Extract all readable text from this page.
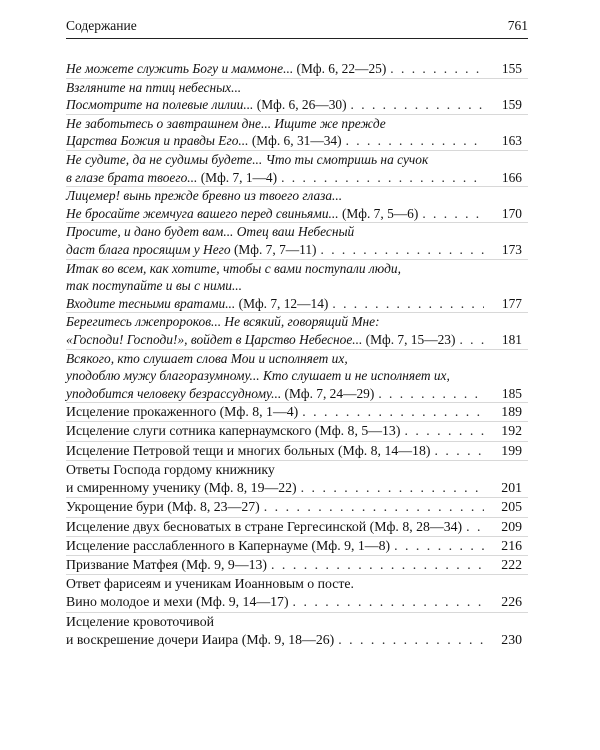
Содержание	761
Не можете служить Богу и маммоне... (Мф. 6, 22—25) . . .	155
Взгляните на птиц небесных...
Посмотрите на полевые лилии... (Мф. 6, 26—30) . . .	159
Не заботьтесь о завтрашнем дне... Ищите же прежде
Царства Божия и правды Его... (Мф. 6, 31—34) . . .	163
Не судите, да не судимы будете... Что ты смотришь на сучок
в глазе брата твоего... (Мф. 7, 1—4) . . .	166
Лицемер! вынь прежде бревно из твоего глаза...
Не бросайте жемчуга вашего перед свиньями... (Мф. 7, 5—6) . . .	170
Просите, и дано будет вам... Отец ваш Небесный
даст блага просящим у Него (Мф. 7, 7—11) . . .	173
Итак во всем, как хотите, чтобы с вами поступали люди,
так поступайте и вы с ними...
Входите тесными вратами... (Мф. 7, 12—14) . . .	177
Берегитесь лжепророков... Не всякий, говорящий Мне:
«Господи! Господи!», войдет в Царство Небесное... (Мф. 7, 15—23) . . .	181
Всякого, кто слушает слова Мои и исполняет их,
уподоблю мужу благоразумному... Кто слушает и не исполняет их,
уподобится человеку безрассудному... (Мф. 7, 24—29) . . .	185
Исцеление прокаженного (Мф. 8, 1—4) . . .	189
Исцеление слуги сотника капернаумского (Мф. 8, 5—13) . . .	192
Исцеление Петровой тещи и многих больных (Мф. 8, 14—18) . . .	199
Ответы Господа гордому книжнику
и смиренному ученику (Мф. 8, 19—22) . . .	201
Укрощение бури (Мф. 8, 23—27) . . .	205
Исцеление двух бесноватых в стране Гергесинской (Мф. 8, 28—34) . . .	209
Исцеление расслабленного в Капернауме (Мф. 9, 1—8) . . .	216
Призвание Матфея (Мф. 9, 9—13) . . .	222
Ответ фарисеям и ученикам Иоанновым о посте.
Вино молодое и мехи (Мф. 9, 14—17) . . .	226
Исцеление кровоточивой
и воскрешение дочери Иаира (Мф. 9, 18—26) . . .	230
